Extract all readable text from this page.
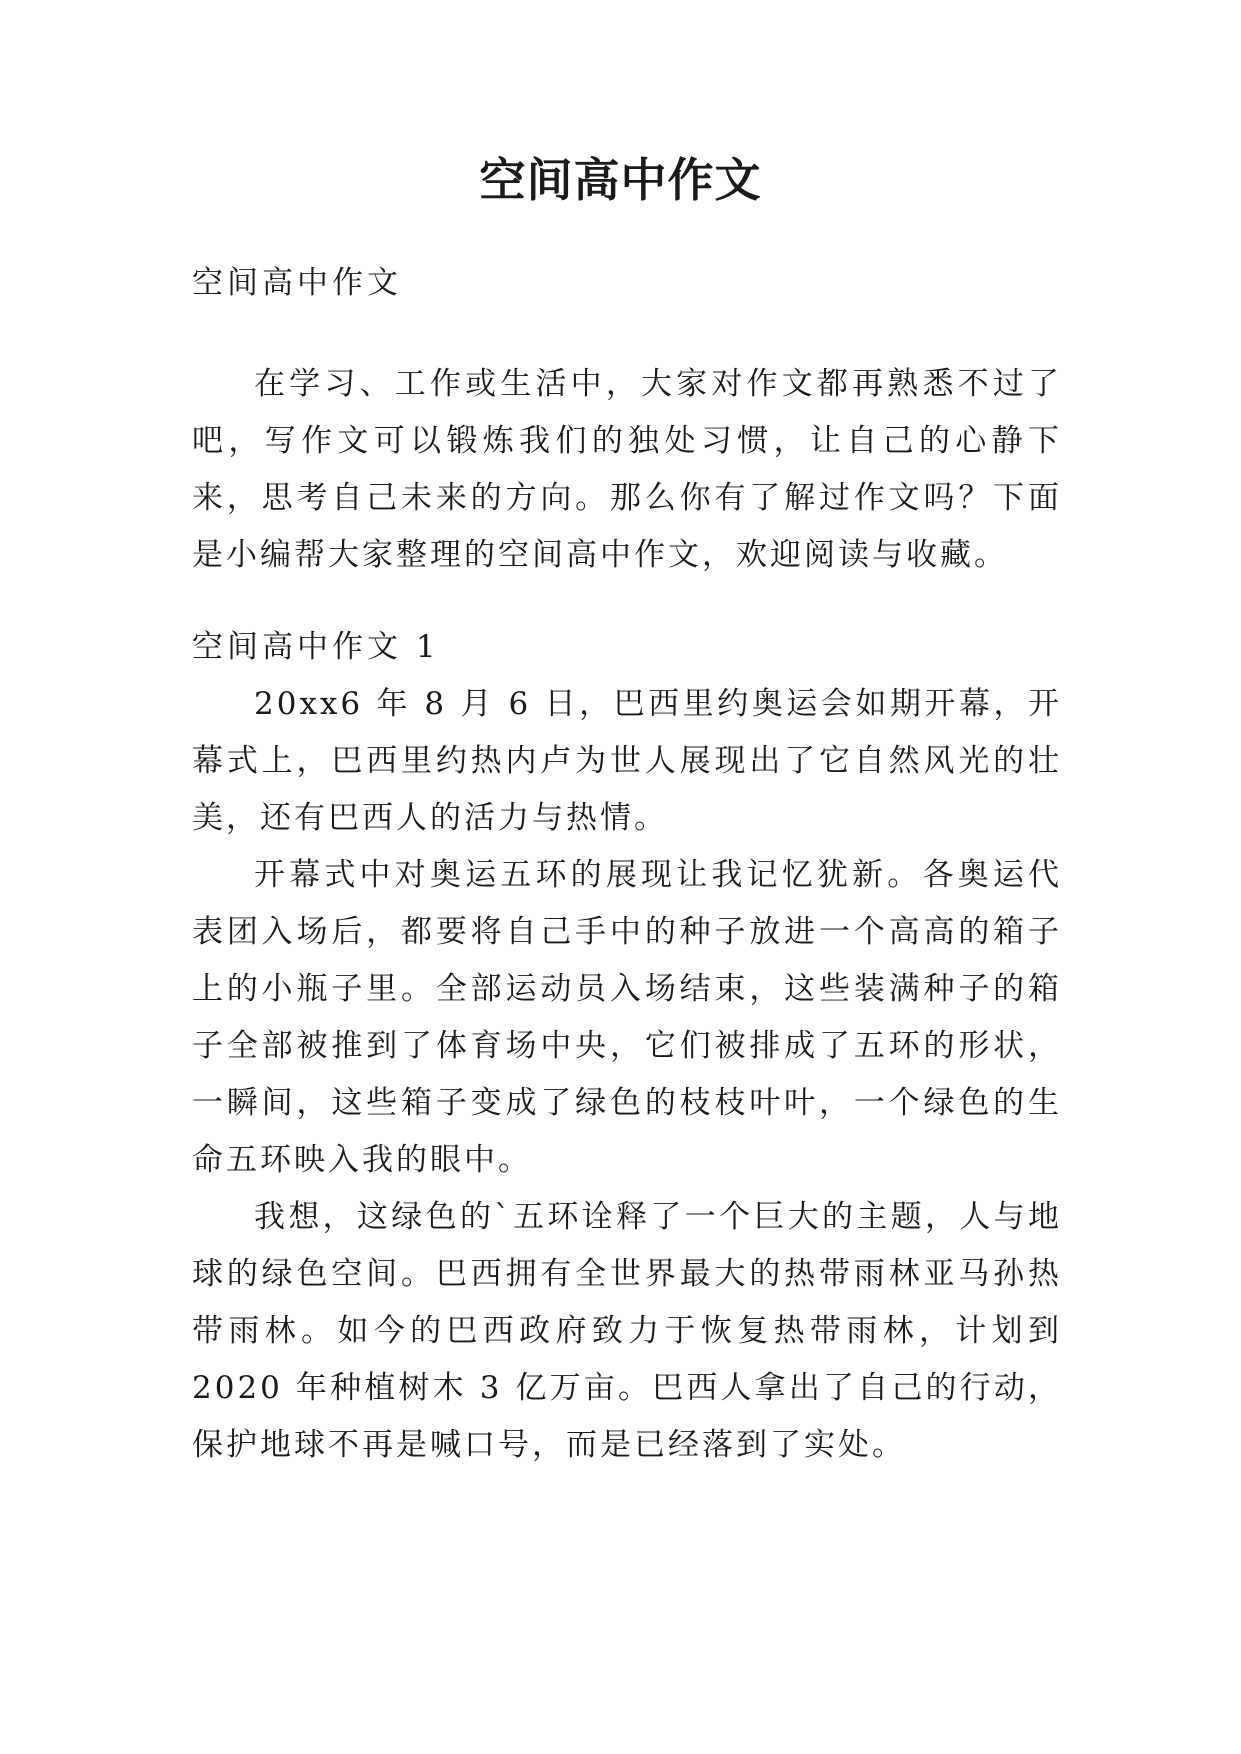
空间高中作文
空间高中作文

在学习、工作或生活中，大家对作文都再熟悉不过了吧，写作文可以锻炼我们的独处习惯，让自己的心静下来，思考自己未来的方向。那么你有了解过作文吗？下面是小编帮大家整理的空间高中作文，欢迎阅读与收藏。

空间高中作文 1

20xx6 年 8 月 6 日，巴西里约奥运会如期开幕，开幕式上，巴西里约热内卢为世人展现出了它自然风光的壮美，还有巴西人的活力与热情。

开幕式中对奥运五环的展现让我记忆犹新。各奥运代表团入场后，都要将自己手中的种子放进一个高高的箱子上的小瓶子里。全部运动员入场结束，这些装满种子的箱子全部被推到了体育场中央，它们被排成了五环的形状，一瞬间，这些箱子变成了绿色的枝枝叶叶，一个绿色的生命五环映入我的眼中。

我想，这绿色的`五环诠释了一个巨大的主题，人与地球的绿色空间。巴西拥有全世界最大的热带雨林亚马孙热带雨林。如今的巴西政府致力于恢复热带雨林，计划到 2020 年种植树木 3 亿万亩。巴西人拿出了自己的行动，保护地球不再是喊口号，而是已经落到了实处。
